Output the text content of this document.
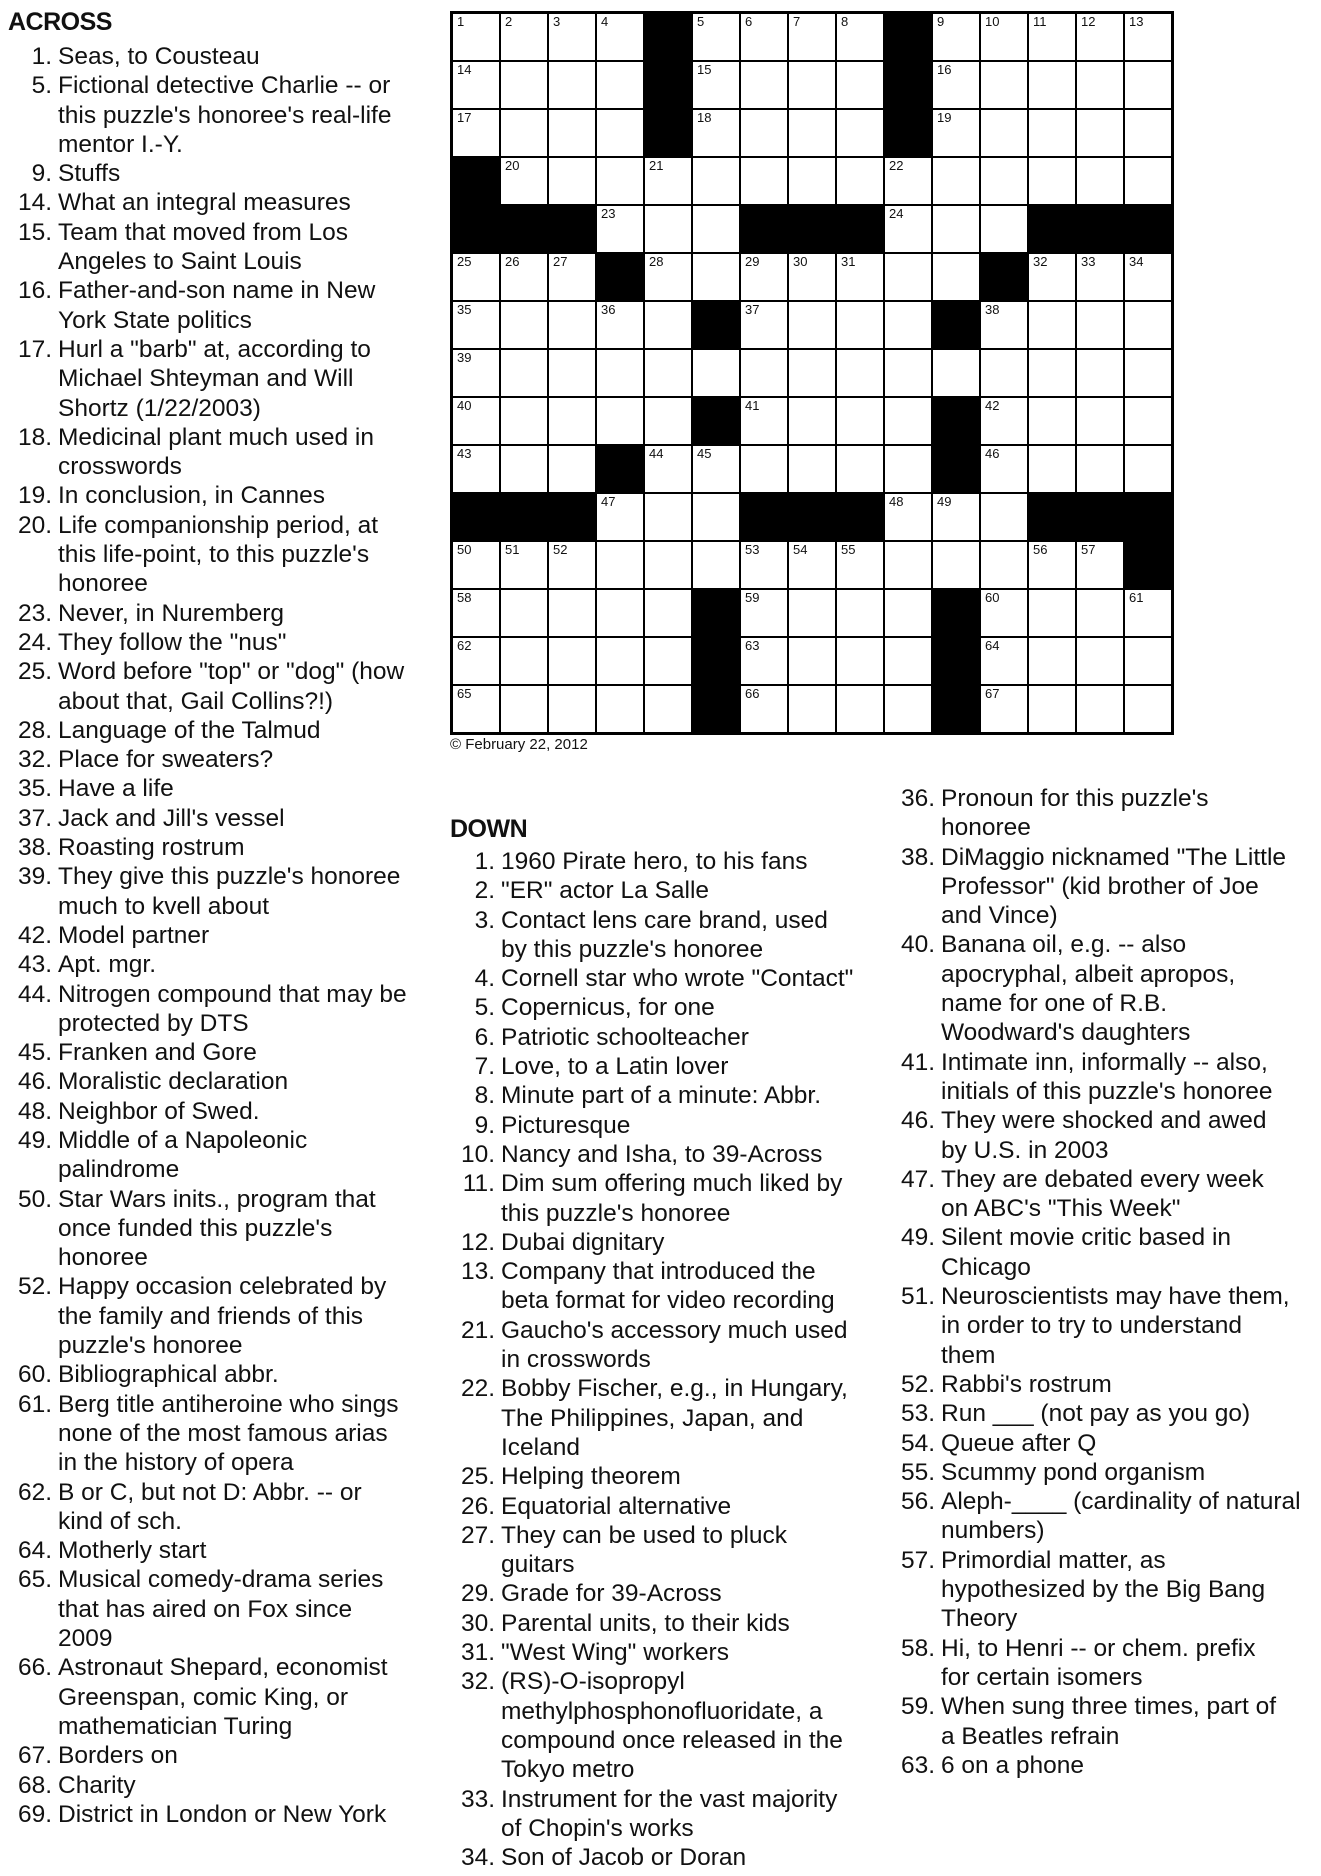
ACROSS
1. Seas, to Cousteau
5. Fictional detective Charlie -- or
this puzzle's honoree's real-life
mentor I.-Y.
9. Stuffs
14. What an integral measures
15. Team that moved from Los
Angeles to Saint Louis
16. Father-and-son name in New
York State politics
17. Hurl a "barb" at, according to
Michael Shteyman and Will
Shortz (1/22/2003)
18. Medicinal plant much used in
crosswords
19. In conclusion, in Cannes
20. Life companionship period, at
this life-point, to this puzzle's
honoree
23. Never, in Nuremberg
24. They follow the "nus"
25. Word before "top" or "dog" (how
about that, Gail Collins?!)
28. Language of the Talmud
32. Place for sweaters?
35. Have a life
37. Jack and Jill's vessel
38. Roasting rostrum
39. They give this puzzle's honoree
much to kvell about
42. Model partner
43. Apt. mgr.
44. Nitrogen compound that may be
protected by DTS
45. Franken and Gore
46. Moralistic declaration
48. Neighbor of Swed.
49. Middle of a Napoleonic
palindrome
50. Star Wars inits., program that
once funded this puzzle's
honoree
52. Happy occasion celebrated by
the family and friends of this
puzzle's honoree
60. Bibliographical abbr.
61. Berg title antiheroine who sings
none of the most famous arias
in the history of opera
62. B or C, but not D: Abbr. -- or
kind of sch.
64. Motherly start
65. Musical comedy-drama series
that has aired on Fox since
2009
66. Astronaut Shepard, economist
Greenspan, comic King, or
mathematician Turing
67. Borders on
68. Charity
69. District in London or New York
1	2	3	4	5	6	7	8	9	10	11	12	13
14	15	16
17	18	19
20	21	22
23	24
25	26	27	28	29	30	31	32	33	34
35	36	37	38
39
40	41	42
43	44	45	46
47	48	49
50	51	52	53	54	55	56	57
58	59	60	61
62	63	64
65	66	67
© February 22, 2012
DOWN
1. 1960 Pirate hero, to his fans
2. "ER" actor La Salle
3. Contact lens care brand, used
by this puzzle's honoree
4. Cornell star who wrote "Contact"
5. Copernicus, for one
6. Patriotic schoolteacher
7. Love, to a Latin lover
8. Minute part of a minute: Abbr.
9. Picturesque
10. Nancy and Isha, to 39-Across
11. Dim sum offering much liked by
this puzzle's honoree
12. Dubai dignitary
13. Company that introduced the
beta format for video recording
21. Gaucho's accessory much used
in crosswords
22. Bobby Fischer, e.g., in Hungary,
The Philippines, Japan, and
Iceland
25. Helping theorem
26. Equatorial alternative
27. They can be used to pluck
guitars
29. Grade for 39-Across
30. Parental units, to their kids
31. "West Wing" workers
32. (RS)-O-isopropyl
methylphosphonofluoridate, a
compound once released in the
Tokyo metro
33. Instrument for the vast majority
of Chopin's works
34. Son of Jacob or Doran
36. Pronoun for this puzzle's
honoree
38. DiMaggio nicknamed "The Little
Professor" (kid brother of Joe
and Vince)
40. Banana oil, e.g. -- also
apocryphal, albeit apropos,
name for one of R.B.
Woodward's daughters
41. Intimate inn, informally -- also,
initials of this puzzle's honoree
46. They were shocked and awed
by U.S. in 2003
47. They are debated every week
on ABC's "This Week"
49. Silent movie critic based in
Chicago
51. Neuroscientists may have them,
in order to try to understand
them
52. Rabbi's rostrum
53. Run ___ (not pay as you go)
54. Queue after Q
55. Scummy pond organism
56. Aleph-____ (cardinality of natural
numbers)
57. Primordial matter, as
hypothesized by the Big Bang
Theory
58. Hi, to Henri -- or chem. prefix
for certain isomers
59. When sung three times, part of
a Beatles refrain
63. 6 on a phone
